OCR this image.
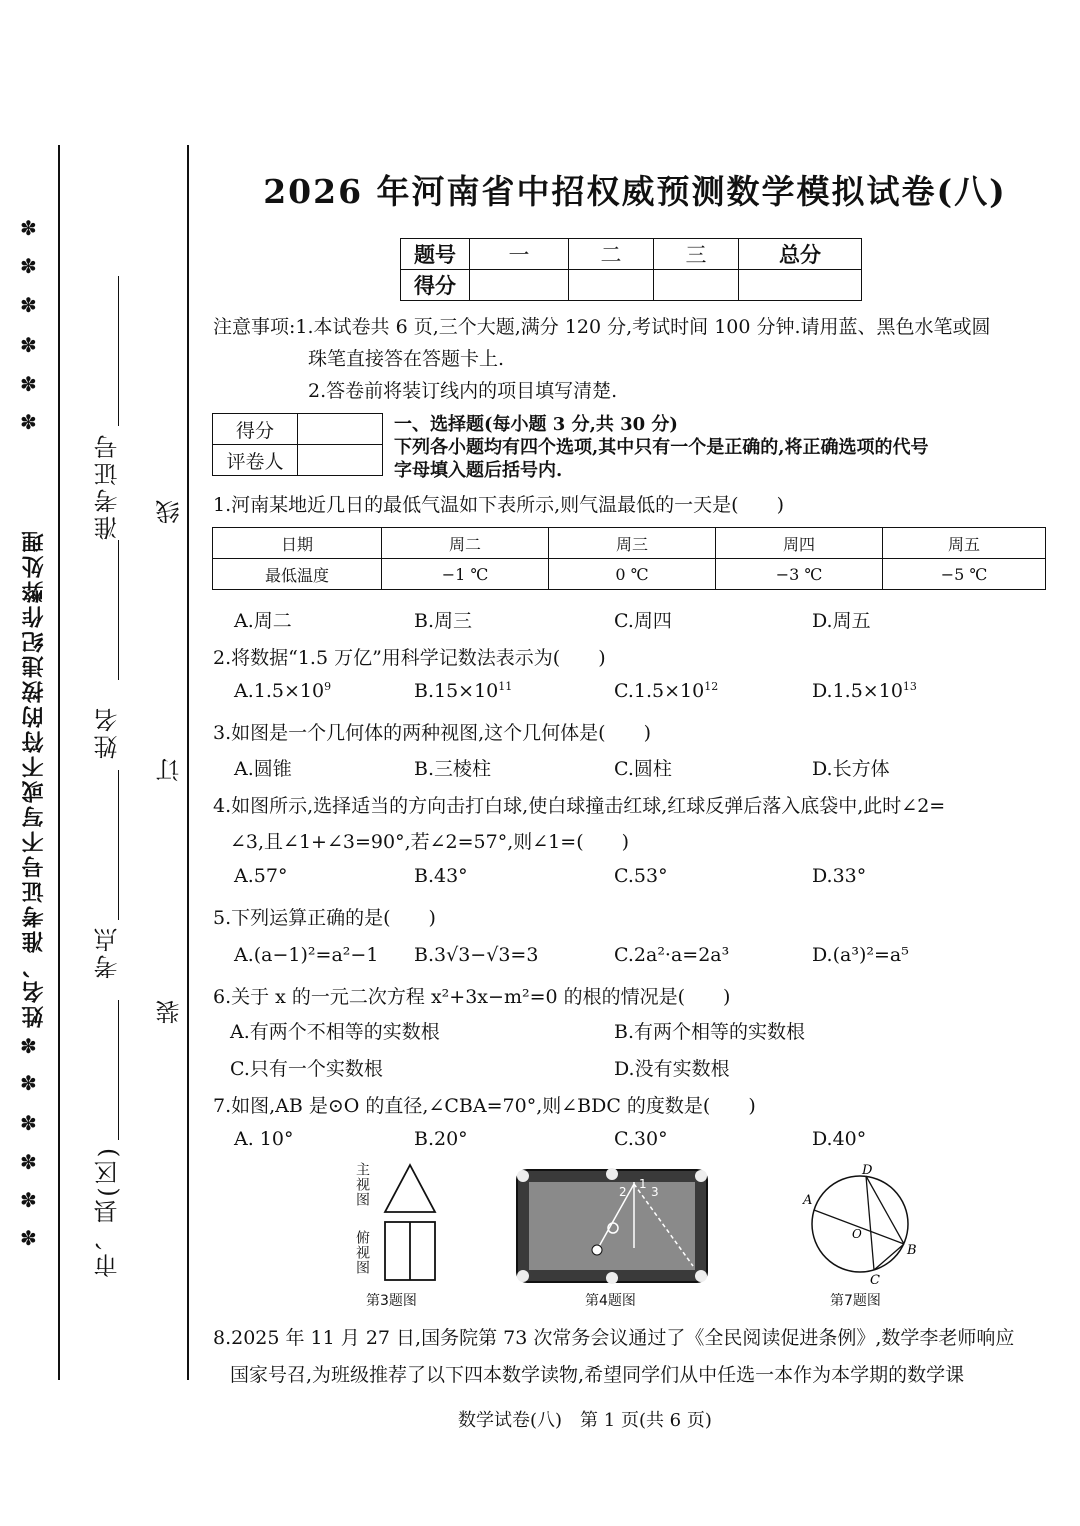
✽
✽
✽
✽
✽
✽
姓名、准考证号不写或不符的按违纪作弊处理
✽
✽
✽
✽
✽
✽
准考证号
姓名
考点
市、县(区)
线
订
装
2026 年河南省中招权威预测数学模拟试卷(八)
题号	一	二	三	总分
得分				
注意事项:1.本试卷共 6 页,三个大题,满分 120 分,考试时间 100 分钟.请用蓝、黑色水笔或圆
珠笔直接答在答题卡上.
2.答卷前将装订线内的项目填写清楚.
得分	
评卷人	
一、选择题(每小题 3 分,共 30 分)
下列各小题均有四个选项,其中只有一个是正确的,将正确选项的代号
字母填入题后括号内.
1.河南某地近几日的最低气温如下表所示,则气温最低的一天是(　　)
日期	周二	周三	周四	周五
最低温度	−1 ℃	0 ℃	−3 ℃	−5 ℃
A.周二	B.周三	C.周四	D.周五
2.将数据“1.5 万亿”用科学记数法表示为(　　)
$A.1.5\times 10^9$	$B.15\times 10^{11}$	$C.1.5\times 10^{12}$	$D.1.5\times 10^{13}$
3.如图是一个几何体的两种视图,这个几何体是(　　)
A.圆锥	B.三棱柱	C.圆柱	D.长方体
4.如图所示,选择适当的方向击打白球,使白球撞击红球,红球反弹后落入底袋中,此时∠2=
∠3,且∠1+∠3=90°,若∠2=57°,则∠1=(　　)
A.57°	B.43°	C.53°	D.33°
5.下列运算正确的是(　　)
A.(a−1)²=a²−1 B.3√3−√3=3	C.2a²·a=2a³	D.(a³)²=a⁵
6.关于 x 的一元二次方程 x²+3x−m²=0 的根的情况是(　　)
A.有两个不相等的实数根	B.有两个相等的实数根
C.只有一个实数根	D.没有实数根
7.如图,AB 是⊙O 的直径,∠CBA=70°,则∠BDC 的度数是(　　)
A. 10°	B.20°	C.30°	D.40°
主视图
俯视图
第3题图
2
1
3
第4题图
D
A
O
B
C
第7题图
8.2025 年 11 月 27 日,国务院第 73 次常务会议通过了《全民阅读促进条例》,数学李老师响应
国家号召,为班级推荐了以下四本数学读物,希望同学们从中任选一本作为本学期的数学课
数学试卷(八)　第 1 页(共 6 页)
